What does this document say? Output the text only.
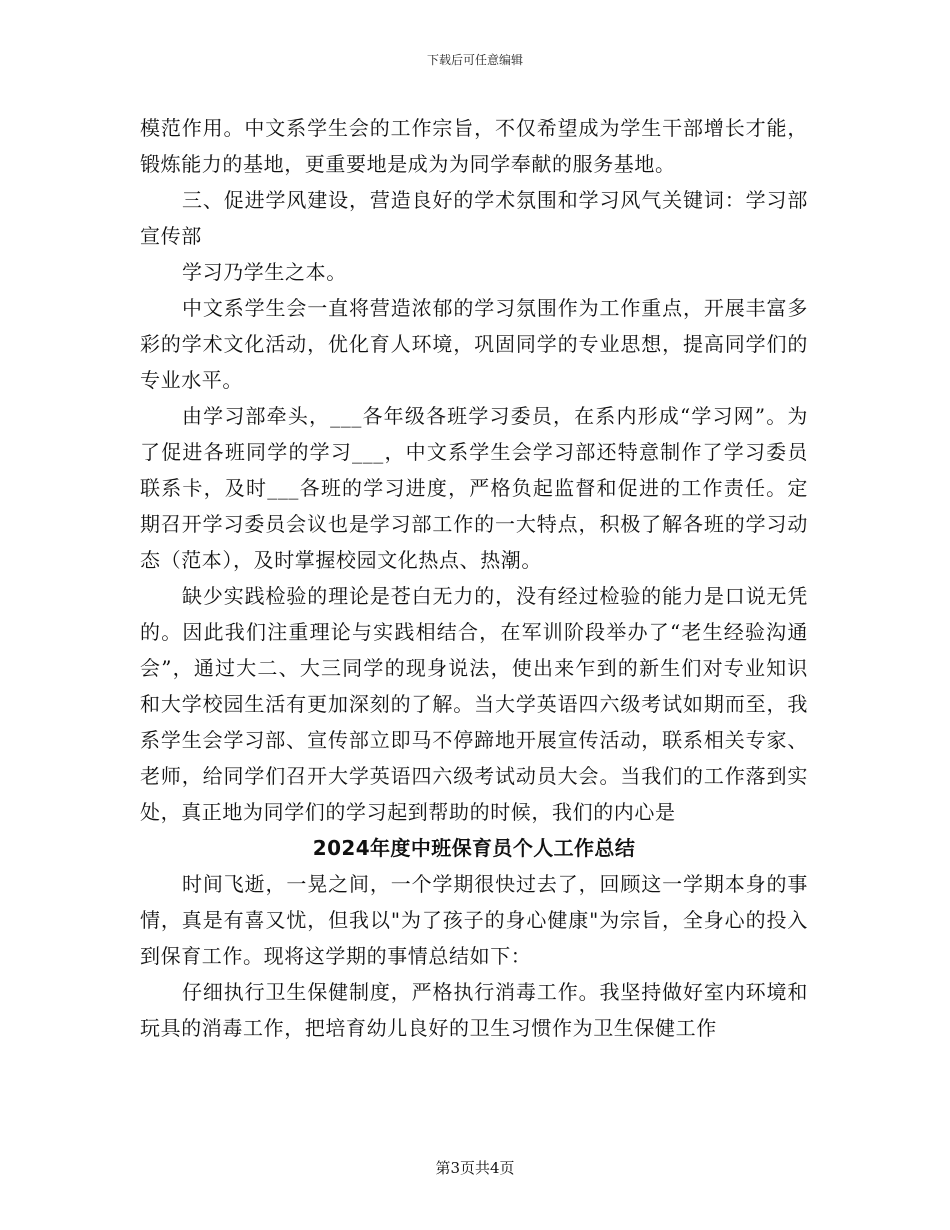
下载后可任意编辑

模范作用。中文系学生会的工作宗旨，不仅希望成为学生干部增长才能，锻炼能力的基地，更重要地是成为为同学奉献的服务基地。

三、促进学风建设，营造良好的学术氛围和学习风气关键词：学习部宣传部

学习乃学生之本。

中文系学生会一直将营造浓郁的学习氛围作为工作重点，开展丰富多彩的学术文化活动，优化育人环境，巩固同学的专业思想，提高同学们的专业水平。

由学习部牵头，___各年级各班学习委员，在系内形成“学习网”。为了促进各班同学的学习___，中文系学生会学习部还特意制作了学习委员联系卡，及时___各班的学习进度，严格负起监督和促进的工作责任。定期召开学习委员会议也是学习部工作的一大特点，积极了解各班的学习动态（范本），及时掌握校园文化热点、热潮。

缺少实践检验的理论是苍白无力的，没有经过检验的能力是口说无凭的。因此我们注重理论与实践相结合，在军训阶段举办了“老生经验沟通会”，通过大二、大三同学的现身说法，使出来乍到的新生们对专业知识和大学校园生活有更加深刻的了解。当大学英语四六级考试如期而至，我系学生会学习部、宣传部立即马不停蹄地开展宣传活动，联系相关专家、老师，给同学们召开大学英语四六级考试动员大会。当我们的工作落到实处，真正地为同学们的学习起到帮助的时候，我们的内心是

2024年度中班保育员个人工作总结

时间飞逝，一晃之间，一个学期很快过去了，回顾这一学期本身的事情，真是有喜又忧，但我以"为了孩子的身心健康"为宗旨，全身心的投入到保育工作。现将这学期的事情总结如下：

仔细执行卫生保健制度，严格执行消毒工作。我坚持做好室内环境和玩具的消毒工作，把培育幼儿良好的卫生习惯作为卫生保健工作

第3页共4页
